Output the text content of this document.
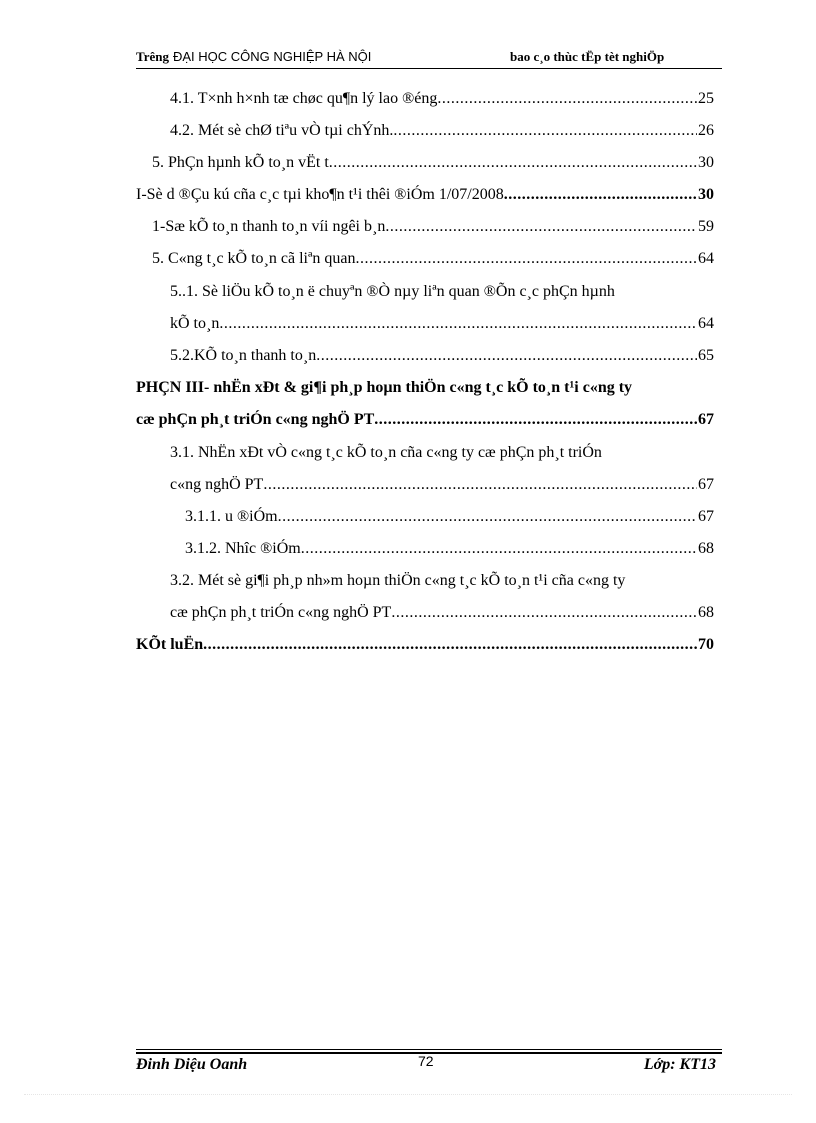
Trêng ĐẠI HỌC CÔNG NGHIỆP HÀ NỘI	bao c¸o thùc tËp tèt nghiÖp
4.1. T×nh h×nh tæ chøc qu¶n lý lao ®éng .....	25
4.2. Mét sè chØ tiªu vÒ tµi chÝnh. .....	26
5. PhÇn hµnh kÕ to¸n vËt t .....	30
I-Sè d ®Çu kú cña c¸c tµi kho¶n t¹i thêi ®iÓm 1/07/2008 .....	30
1-Sæ kÕ to¸n thanh to¸n víi ngêi b¸n .....	59
5. C«ng t¸c kÕ to¸n cã liªn quan .....	64
5..1. Sè liÖu kÕ to¸n ë chuyªn ®Ò nµy liªn quan ®Õn c¸c phÇn hµnh
kÕ to¸n .....	64
5.2.KÕ to¸n thanh to¸n .....	65
PHÇN III- nhËn xÐt & gi¶i ph¸p hoµn thiÖn c«ng t¸c kÕ to¸n t¹i c«ng ty
cæ phÇn ph¸t triÓn c«ng nghÖ PT .....	67
3.1. NhËn xÐt vÒ c«ng t¸c kÕ to¸n cña c«ng ty cæ phÇn ph¸t triÓn
c«ng nghÖ PT .....	67
3.1.1. u ®iÓm .....	67
3.1.2. Nhîc ®iÓm .....	68
3.2. Mét sè gi¶i ph¸p nh»m hoµn thiÖn c«ng t¸c kÕ to¸n t¹i cña c«ng ty
cæ phÇn ph¸t triÓn c«ng nghÖ PT .....	68
KÕt luËn .....	70
Đinh Diệu Oanh	72	Lớp: KT13
